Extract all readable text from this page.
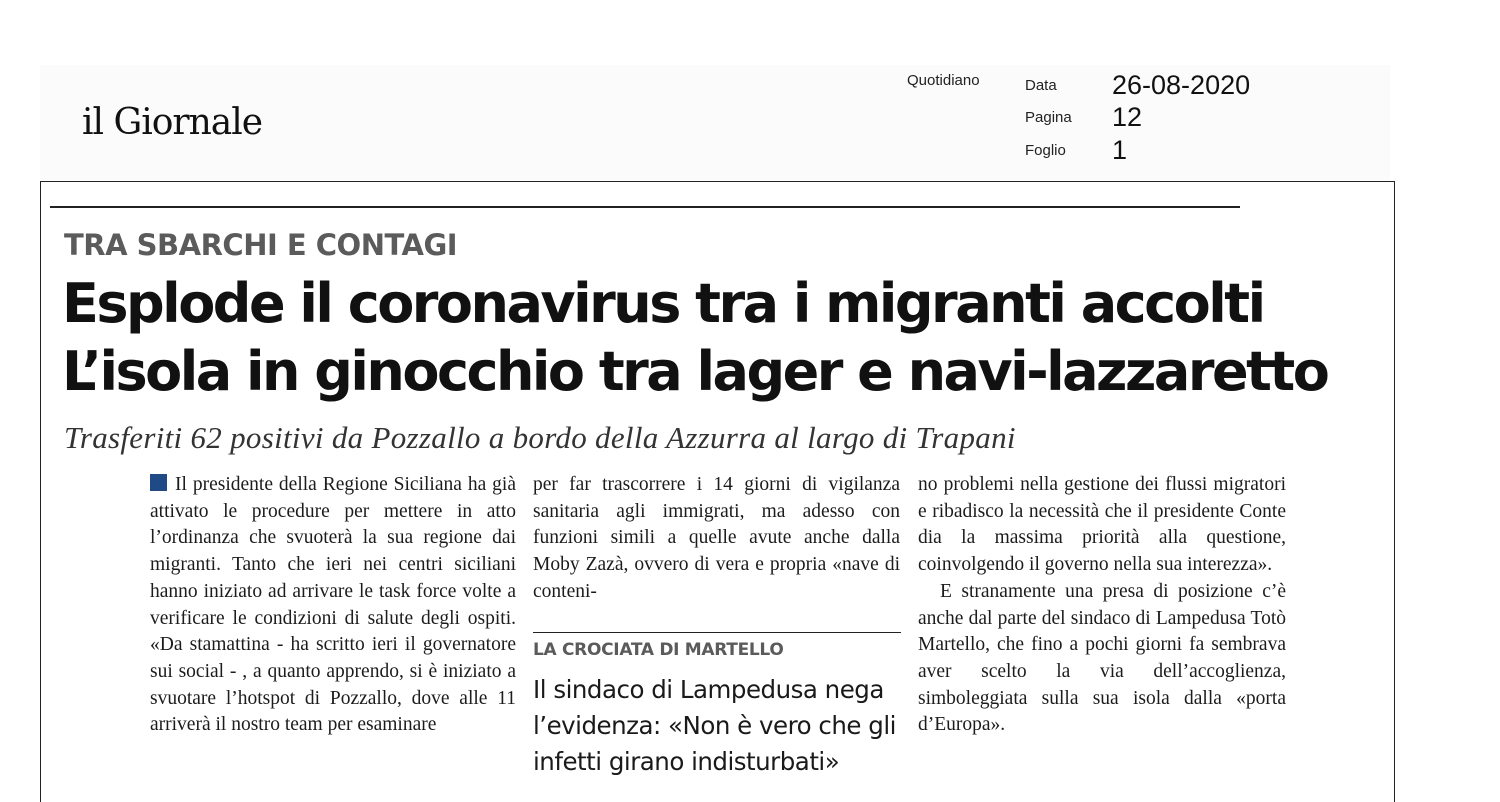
il Giornale
Quotidiano	Data 26-08-2020
Pagina 12
Foglio 1
TRA SBARCHI E CONTAGI
Esplode il coronavirus tra i migranti accolti
L’isola in ginocchio tra lager e navi-lazzaretto
Trasferiti 62 positivi da Pozzallo a bordo della Azzurra al largo di Trapani

Il presidente della Regione Siciliana ha già attivato le procedure per mettere in atto l’ordinanza che svuoterà la sua regione dai migranti. Tanto che ieri nei centri siciliani hanno iniziato ad arrivare le task force volte a verificare le condizioni di salute degli ospiti. «Da stamattina - ha scritto ieri il governatore sui social - , a quanto apprendo, si è iniziato a svuotare l’hotspot di Pozzallo, dove alle 11 arriverà il nostro team per esaminare

per far trascorrere i 14 giorni di vigilanza sanitaria agli immigrati, ma adesso con funzioni simili a quelle avute anche dalla Moby Zazà, ovvero di vera e propria «nave di conteni-

LA CROCIATA DI MARTELLO
Il sindaco di Lampedusa nega l’evidenza: «Non è vero che gli infetti girano indisturbati»

no problemi nella gestione dei flussi migratori e ribadisco la necessità che il presidente Conte dia la massima priorità alla questione, coinvolgendo il governo nella sua interezza».

E stranamente una presa di posizione c’è anche dal parte del sindaco di Lampedusa Totò Martello, che fino a pochi giorni fa sembrava aver scelto la via dell’accoglienza, simboleggiata sulla sua isola dalla «porta d’Europa».
